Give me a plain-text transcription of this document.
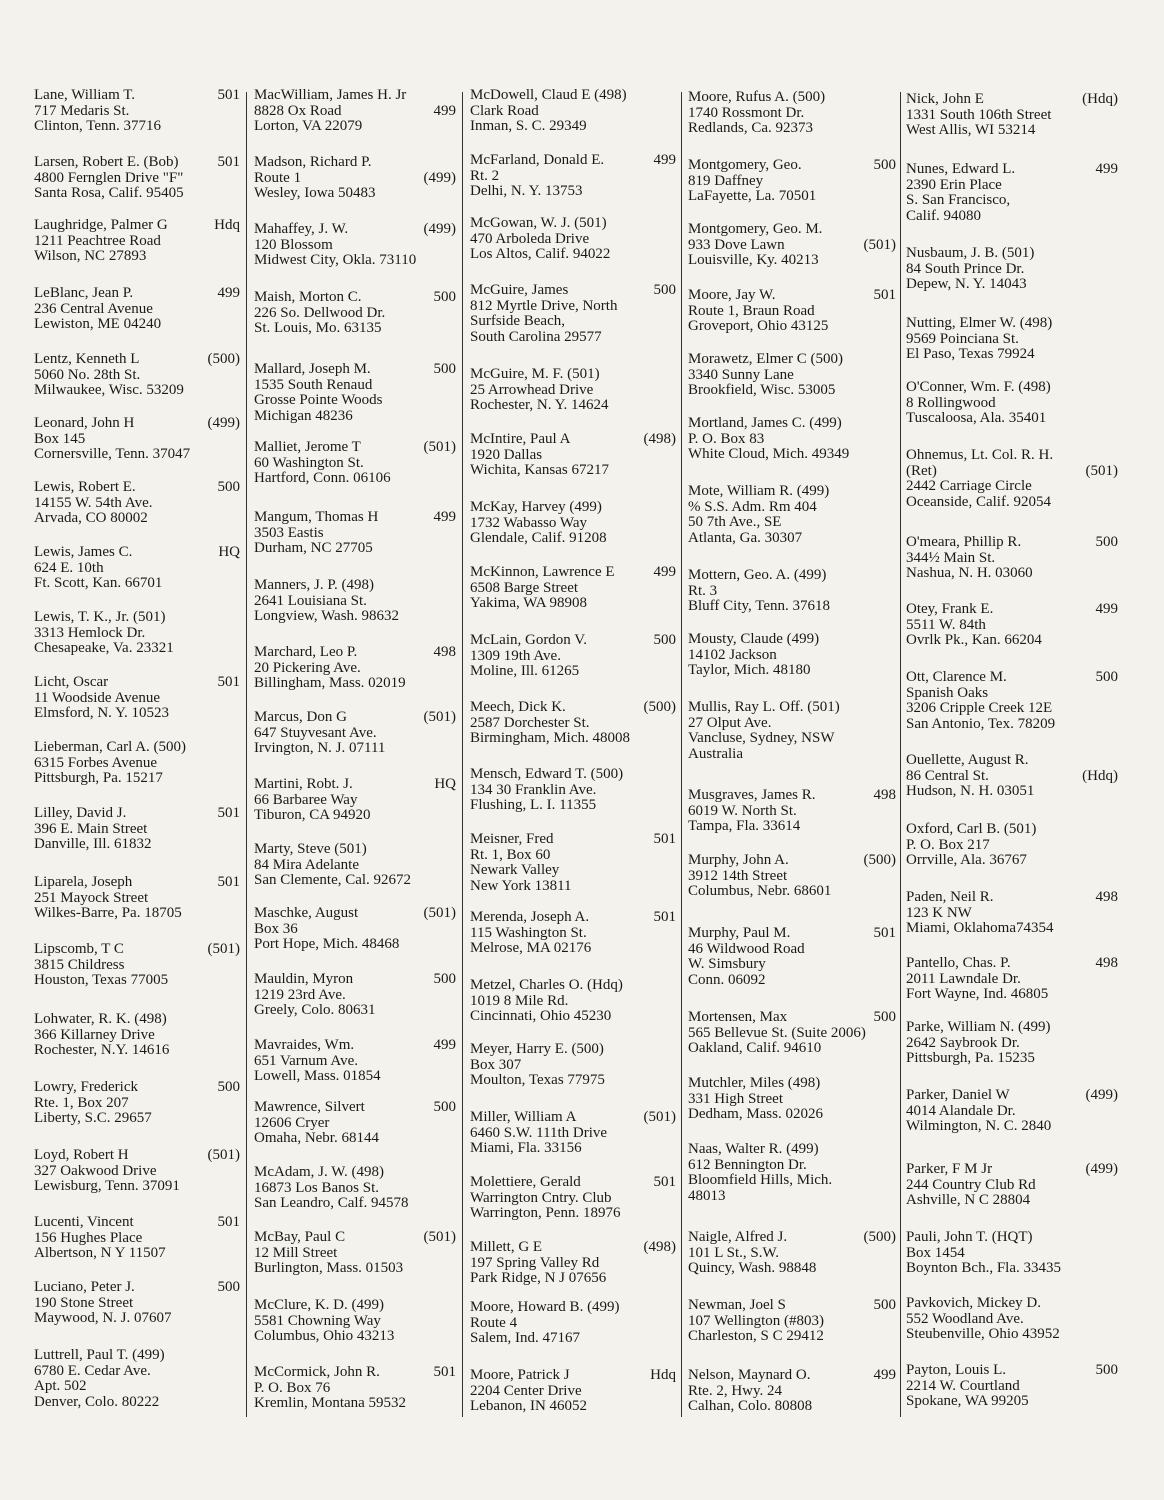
Lane, William T.	501
717 Medaris St.
Clinton, Tenn. 37716
Larsen, Robert E. (Bob)	501
4800 Fernglen Drive "F"
Santa Rosa, Calif. 95405
Laughridge, Palmer G	Hdq
1211 Peachtree Road
Wilson, NC 27893
LeBlanc, Jean P.	499
236 Central Avenue
Lewiston, ME 04240
Lentz, Kenneth L	(500)
5060 No. 28th St.
Milwaukee, Wisc. 53209
Leonard, John H	(499)
Box 145
Cornersville, Tenn. 37047
Lewis, Robert E.	500
14155 W. 54th Ave.
Arvada, CO 80002
Lewis, James C.	HQ
624 E. 10th
Ft. Scott, Kan. 66701
Lewis, T. K., Jr. (501)
3313 Hemlock Dr.
Chesapeake, Va. 23321
Licht, Oscar	501
11 Woodside Avenue
Elmsford, N. Y. 10523
Lieberman, Carl A. (500)
6315 Forbes Avenue
Pittsburgh, Pa. 15217
Lilley, David J.	501
396 E. Main Street
Danville, Ill. 61832
Liparela, Joseph	501
251 Mayock Street
Wilkes-Barre, Pa. 18705
Lipscomb, T C	(501)
3815 Childress
Houston, Texas 77005
Lohwater, R. K. (498)
366 Killarney Drive
Rochester, N.Y. 14616
Lowry, Frederick	500
Rte. 1, Box 207
Liberty, S.C. 29657
Loyd, Robert H	(501)
327 Oakwood Drive
Lewisburg, Tenn. 37091
Lucenti, Vincent	501
156 Hughes Place
Albertson, N Y 11507
Luciano, Peter J.	500
190 Stone Street
Maywood, N. J. 07607
Luttrell, Paul T. (499)
6780 E. Cedar Ave.
Apt. 502
Denver, Colo. 80222
MacWilliam, James H. Jr
8828 Ox Road	499
Lorton, VA 22079
Madson, Richard P.
Route 1	(499)
Wesley, Iowa 50483
Mahaffey, J. W.	(499)
120 Blossom
Midwest City, Okla. 73110
Maish, Morton C.	500
226 So. Dellwood Dr.
St. Louis, Mo. 63135
Mallard, Joseph M.	500
1535 South Renaud
Grosse Pointe Woods
Michigan 48236
Malliet, Jerome T	(501)
60 Washington St.
Hartford, Conn. 06106
Mangum, Thomas H	499
3503 Eastis
Durham, NC 27705
Manners, J. P. (498)
2641 Louisiana St.
Longview, Wash. 98632
Marchard, Leo P.	498
20 Pickering Ave.
Billingham, Mass. 02019
Marcus, Don G	(501)
647 Stuyvesant Ave.
Irvington, N. J. 07111
Martini, Robt. J.	HQ
66 Barbaree Way
Tiburon, CA 94920
Marty, Steve (501)
84 Mira Adelante
San Clemente, Cal. 92672
Maschke, August	(501)
Box 36
Port Hope, Mich. 48468
Mauldin, Myron	500
1219 23rd Ave.
Greely, Colo. 80631
Mavraides, Wm.	499
651 Varnum Ave.
Lowell, Mass. 01854
Mawrence, Silvert	500
12606 Cryer
Omaha, Nebr. 68144
McAdam, J. W. (498)
16873 Los Banos St.
San Leandro, Calf. 94578
McBay, Paul C	(501)
12 Mill Street
Burlington, Mass. 01503
McClure, K. D. (499)
5581 Chowning Way
Columbus, Ohio 43213
McCormick, John R.	501
P. O. Box 76
Kremlin, Montana 59532
McDowell, Claud E (498)
Clark Road
Inman, S. C. 29349
McFarland, Donald E.	499
Rt. 2
Delhi, N. Y. 13753
McGowan, W. J. (501)
470 Arboleda Drive
Los Altos, Calif. 94022
McGuire, James	500
812 Myrtle Drive, North
Surfside Beach,
South Carolina 29577
McGuire, M. F. (501)
25 Arrowhead Drive
Rochester, N. Y. 14624
McIntire, Paul A	(498)
1920 Dallas
Wichita, Kansas 67217
McKay, Harvey (499)
1732 Wabasso Way
Glendale, Calif. 91208
McKinnon, Lawrence E	499
6508 Barge Street
Yakima, WA 98908
McLain, Gordon V.	500
1309 19th Ave.
Moline, Ill. 61265
Meech, Dick K.	(500)
2587 Dorchester St.
Birmingham, Mich. 48008
Mensch, Edward T. (500)
134 30 Franklin Ave.
Flushing, L. I. 11355
Meisner, Fred	501
Rt. 1, Box 60
Newark Valley
New York 13811
Merenda, Joseph A.	501
115 Washington St.
Melrose, MA 02176
Metzel, Charles O. (Hdq)
1019 8 Mile Rd.
Cincinnati, Ohio 45230
Meyer, Harry E. (500)
Box 307
Moulton, Texas 77975
Miller, William A	(501)
6460 S.W. 111th Drive
Miami, Fla. 33156
Molettiere, Gerald	501
Warrington Cntry. Club
Warrington, Penn. 18976
Millett, G E	(498)
197 Spring Valley Rd
Park Ridge, N J 07656
Moore, Howard B. (499)
Route 4
Salem, Ind. 47167
Moore, Patrick J	Hdq
2204 Center Drive
Lebanon, IN 46052
Moore, Rufus A. (500)
1740 Rossmont Dr.
Redlands, Ca. 92373
Montgomery, Geo.	500
819 Daffney
LaFayette, La. 70501
Montgomery, Geo. M.
933 Dove Lawn	(501)
Louisville, Ky. 40213
Moore, Jay W.	501
Route 1, Braun Road
Groveport, Ohio 43125
Morawetz, Elmer C (500)
3340 Sunny Lane
Brookfield, Wisc. 53005
Mortland, James C. (499)
P. O. Box 83
White Cloud, Mich. 49349
Mote, William R. (499)
% S.S. Adm. Rm 404
50 7th Ave., SE
Atlanta, Ga. 30307
Mottern, Geo. A. (499)
Rt. 3
Bluff City, Tenn. 37618
Mousty, Claude (499)
14102 Jackson
Taylor, Mich. 48180
Mullis, Ray L. Off. (501)
27 Olput Ave.
Vancluse, Sydney, NSW
Australia
Musgraves, James R.	498
6019 W. North St.
Tampa, Fla. 33614
Murphy, John A.	(500)
3912 14th Street
Columbus, Nebr. 68601
Murphy, Paul M.	501
46 Wildwood Road
W. Simsbury
Conn. 06092
Mortensen, Max	500
565 Bellevue St. (Suite 2006)
Oakland, Calif. 94610
Mutchler, Miles (498)
331 High Street
Dedham, Mass. 02026
Naas, Walter R. (499)
612 Bennington Dr.
Bloomfield Hills, Mich.
48013
Naigle, Alfred J.	(500)
101 L St., S.W.
Quincy, Wash. 98848
Newman, Joel S	500
107 Wellington (#803)
Charleston, S C 29412
Nelson, Maynard O.	499
Rte. 2, Hwy. 24
Calhan, Colo. 80808
Nick, John E	(Hdq)
1331 South 106th Street
West Allis, WI 53214
Nunes, Edward L.	499
2390 Erin Place
S. San Francisco,
Calif. 94080
Nusbaum, J. B. (501)
84 South Prince Dr.
Depew, N. Y. 14043
Nutting, Elmer W. (498)
9569 Poinciana St.
El Paso, Texas 79924
O'Conner, Wm. F. (498)
8 Rollingwood
Tuscaloosa, Ala. 35401
Ohnemus, Lt. Col. R. H.
(Ret)	(501)
2442 Carriage Circle
Oceanside, Calif. 92054
O'meara, Phillip R.	500
344½ Main St.
Nashua, N. H. 03060
Otey, Frank E.	499
5511 W. 84th
Ovrlk Pk., Kan. 66204
Ott, Clarence M.	500
Spanish Oaks
3206 Cripple Creek 12E
San Antonio, Tex. 78209
Ouellette, August R.
86 Central St.	(Hdq)
Hudson, N. H. 03051
Oxford, Carl B. (501)
P. O. Box 217
Orrville, Ala. 36767
Paden, Neil R.	498
123 K NW
Miami, Oklahoma74354
Pantello, Chas. P.	498
2011 Lawndale Dr.
Fort Wayne, Ind. 46805
Parke, William N. (499)
2642 Saybrook Dr.
Pittsburgh, Pa. 15235
Parker, Daniel W	(499)
4014 Alandale Dr.
Wilmington, N. C. 2840
Parker, F M Jr	(499)
244 Country Club Rd
Ashville, N C 28804
Pauli, John T. (HQT)
Box 1454
Boynton Bch., Fla. 33435
Pavkovich, Mickey D.
552 Woodland Ave.
Steubenville, Ohio 43952
Payton, Louis L.	500
2214 W. Courtland
Spokane, WA 99205
